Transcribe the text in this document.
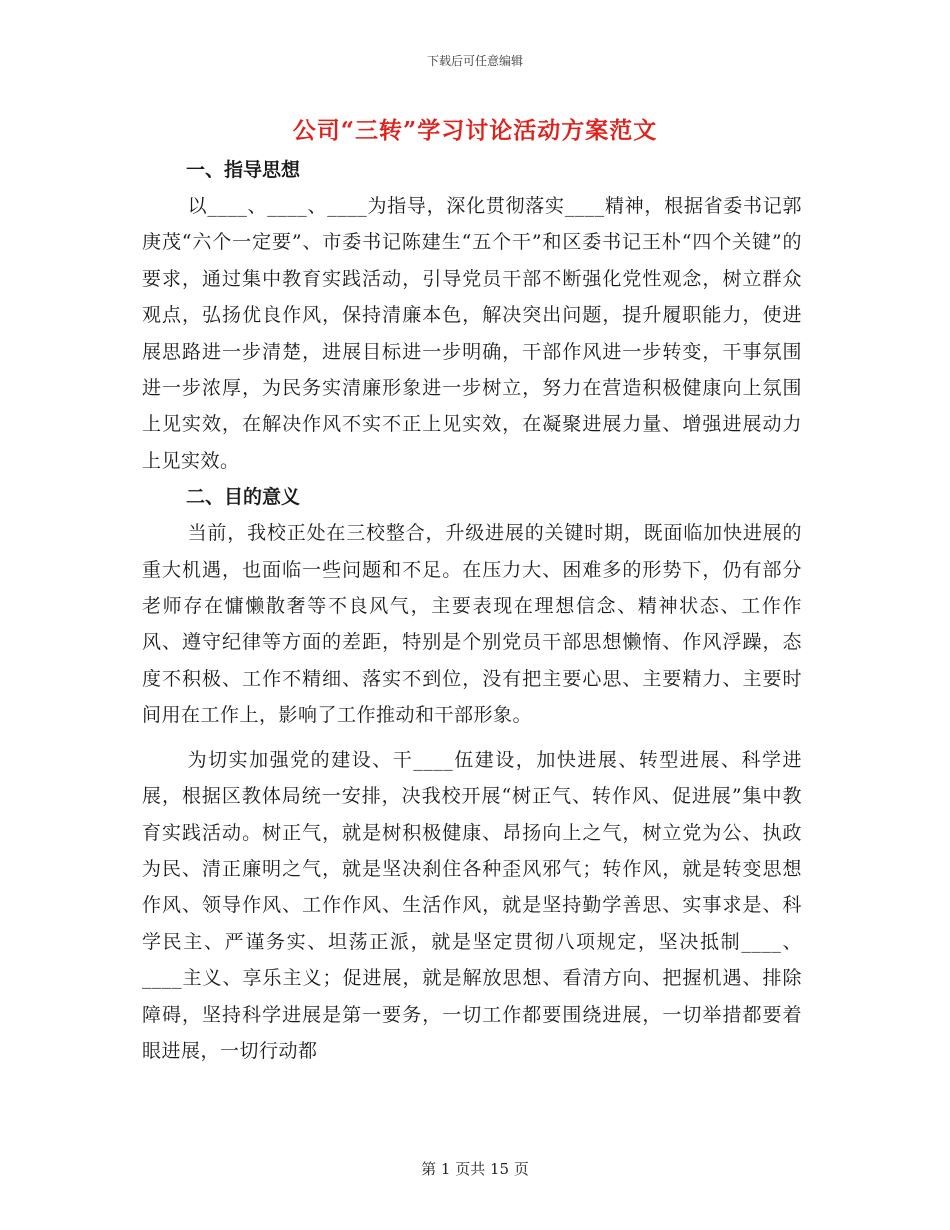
下载后可任意编辑
公司“三转”学习讨论活动方案范文
一、指导思想

以____、____、____为指导，深化贯彻落实____精神，根据省委书记郭庚茂“六个一定要”、市委书记陈建生“五个干”和区委书记王朴“四个关键”的要求，通过集中教育实践活动，引导党员干部不断强化党性观念，树立群众观点，弘扬优良作风，保持清廉本色，解决突出问题，提升履职能力，使进展思路进一步清楚，进展目标进一步明确，干部作风进一步转变，干事氛围进一步浓厚，为民务实清廉形象进一步树立，努力在营造积极健康向上氛围上见实效，在解决作风不实不正上见实效，在凝聚进展力量、增强进展动力上见实效。

二、目的意义

当前，我校正处在三校整合，升级进展的关键时期，既面临加快进展的重大机遇，也面临一些问题和不足。在压力大、困难多的形势下，仍有部分老师存在慵懒散奢等不良风气，主要表现在理想信念、精神状态、工作作风、遵守纪律等方面的差距，特别是个别党员干部思想懒惰、作风浮躁，态度不积极、工作不精细、落实不到位，没有把主要心思、主要精力、主要时间用在工作上，影响了工作推动和干部形象。

为切实加强党的建设、干____伍建设，加快进展、转型进展、科学进展，根据区教体局统一安排，决我校开展“树正气、转作风、促进展”集中教育实践活动。树正气，就是树积极健康、昂扬向上之气，树立党为公、执政为民、清正廉明之气，就是坚决刹住各种歪风邪气；转作风，就是转变思想作风、领导作风、工作作风、生活作风，就是坚持勤学善思、实事求是、科学民主、严谨务实、坦荡正派，就是坚定贯彻八项规定，坚决抵制____、____主义、享乐主义；促进展，就是解放思想、看清方向、把握机遇、排除障碍，坚持科学进展是第一要务，一切工作都要围绕进展，一切举措都要着眼进展，一切行动都

第 1 页共 15 页
